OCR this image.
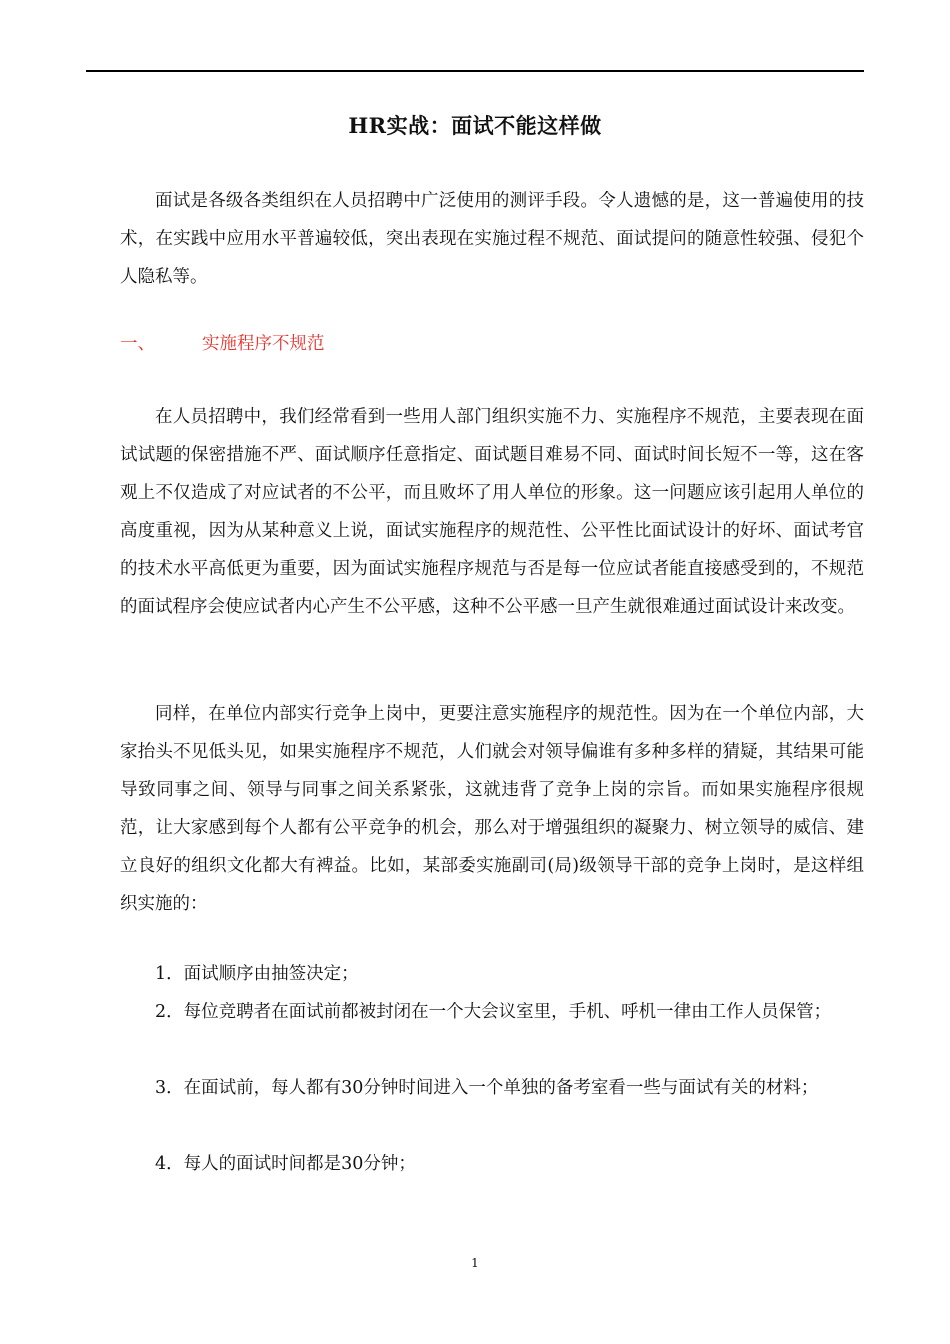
HR实战：面试不能这样做

面试是各级各类组织在人员招聘中广泛使用的测评手段。令人遗憾的是，这一普遍使用的技术，在实践中应用水平普遍较低，突出表现在实施过程不规范、面试提问的随意性较强、侵犯个人隐私等。

一、	实施程序不规范

在人员招聘中，我们经常看到一些用人部门组织实施不力、实施程序不规范，主要表现在面试试题的保密措施不严、面试顺序任意指定、面试题目难易不同、面试时间长短不一等，这在客观上不仅造成了对应试者的不公平，而且败坏了用人单位的形象。这一问题应该引起用人单位的高度重视，因为从某种意义上说，面试实施程序的规范性、公平性比面试设计的好坏、面试考官的技术水平高低更为重要，因为面试实施程序规范与否是每一位应试者能直接感受到的，不规范的面试程序会使应试者内心产生不公平感，这种不公平感一旦产生就很难通过面试设计来改变。

同样，在单位内部实行竞争上岗中，更要注意实施程序的规范性。因为在一个单位内部，大家抬头不见低头见，如果实施程序不规范，人们就会对领导偏谁有多种多样的猜疑，其结果可能导致同事之间、领导与同事之间关系紧张，这就违背了竞争上岗的宗旨。而如果实施程序很规范，让大家感到每个人都有公平竞争的机会，那么对于增强组织的凝聚力、树立领导的威信、建立良好的组织文化都大有裨益。比如，某部委实施副司(局)级领导干部的竞争上岗时，是这样组织实施的：

1．面试顺序由抽签决定；

2．每位竞聘者在面试前都被封闭在一个大会议室里，手机、呼机一律由工作人员保管；

3．在面试前，每人都有30分钟时间进入一个单独的备考室看一些与面试有关的材料；

4．每人的面试时间都是30分钟；

1
